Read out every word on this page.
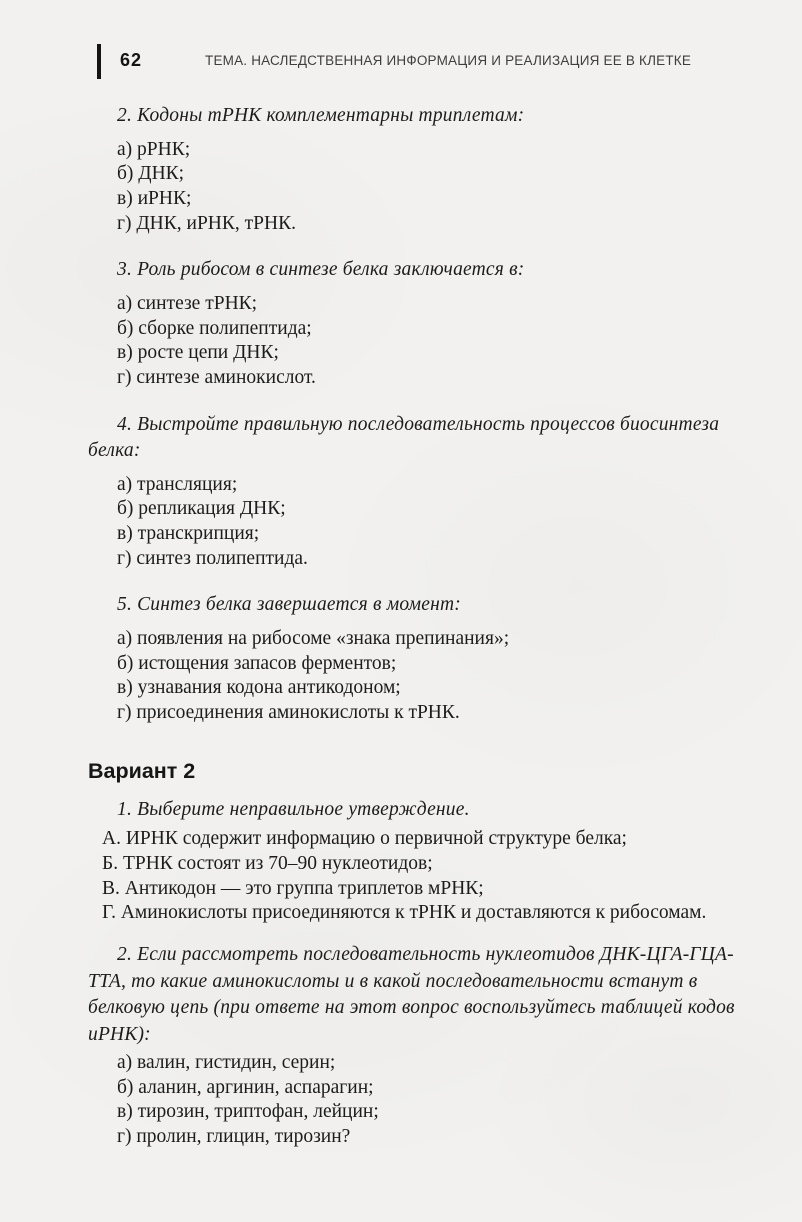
62	ТЕМА. НАСЛЕДСТВЕННАЯ ИНФОРМАЦИЯ И РЕАЛИЗАЦИЯ ЕЕ В КЛЕТКЕ

2. Кодоны тРНК комплементарны триплетам:

а) рРНК;

б) ДНК;

в) иРНК;

г) ДНК, иРНК, тРНК.

3. Роль рибосом в синтезе белка заключается в:

а) синтезе тРНК;

б) сборке полипептида;

в) росте цепи ДНК;

г) синтезе аминокислот.

4. Выстройте правильную последовательность процессов биосинтеза белка:

а) трансляция;

б) репликация ДНК;

в) транскрипция;

г) синтез полипептида.

5. Синтез белка завершается в момент:

а) появления на рибосоме «знака препинания»;

б) истощения запасов ферментов;

в) узнавания кодона антикодоном;

г) присоединения аминокислоты к тРНК.

Вариант 2

1. Выберите неправильное утверждение.

А. ИРНК содержит информацию о первичной структуре белка;

Б. ТРНК состоят из 70–90 нуклеотидов;

В. Антикодон — это группа триплетов мРНК;

Г. Аминокислоты присоединяются к тРНК и доставляются к рибосомам.

2. Если рассмотреть последовательность нуклеотидов ДНК-ЦГА-ГЦА-ТТА, то какие аминокислоты и в какой последовательности встанут в белковую цепь (при ответе на этот вопрос воспользуйтесь таблицей кодов иРНК):

а) валин, гистидин, серин;

б) аланин, аргинин, аспарагин;

в) тирозин, триптофан, лейцин;

г) пролин, глицин, тирозин?
